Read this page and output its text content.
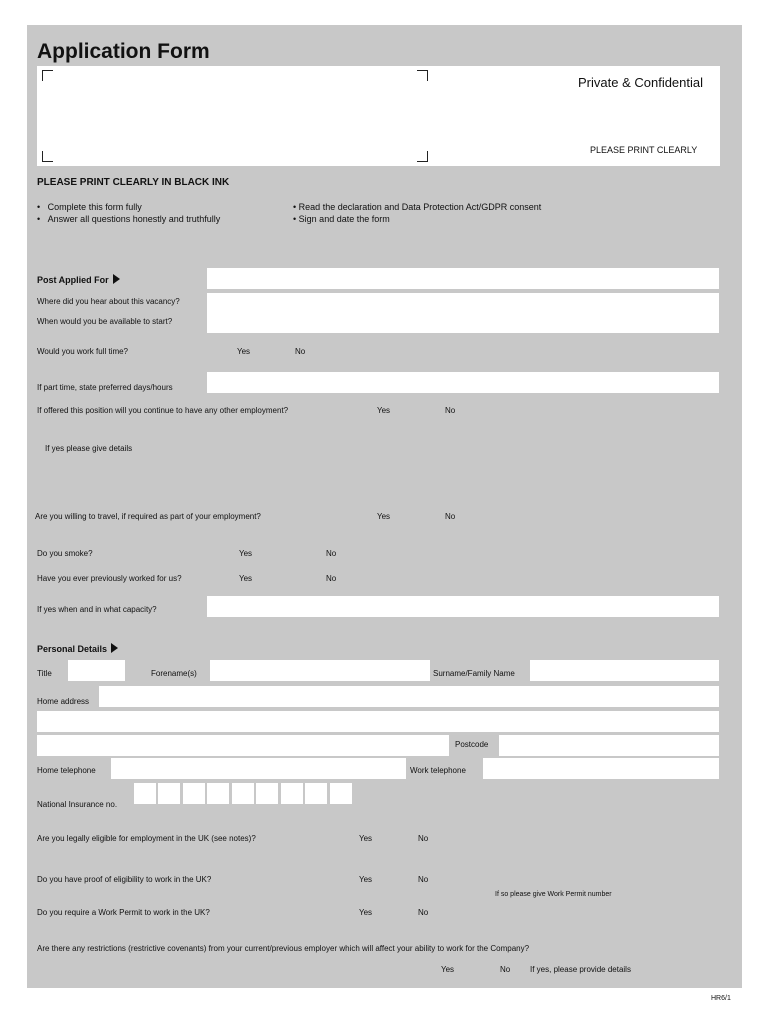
Application Form
Private & Confidential
PLEASE PRINT CLEARLY
PLEASE PRINT CLEARLY IN BLACK INK
• Complete this form fully
• Answer all questions honestly and truthfully
• Read the declaration and Data Protection Act/GDPR consent
• Sign and date the form
Post Applied For
Where did you hear about this vacancy?
When would you be available to start?
Would you work full time?	Yes	No
If part time, state preferred days/hours
If offered this position will you continue to have any other employment?	Yes	No
If yes please give details
Are you willing to travel, if required as part of your employment?	Yes	No
Do you smoke?	Yes	No
Have you ever previously worked for us?	Yes	No
If yes when and in what capacity?
Personal Details
Title	Forename(s)	Surname/Family Name
Home address
Postcode
Home telephone	Work telephone
National Insurance no.
Are you legally eligible for employment in the UK (see notes)?	Yes	No
Do you have proof of eligibility to work in the UK?	Yes	No
If so please give Work Permit number
Do you require a Work Permit to work in the UK?	Yes	No
Are there any restrictions (restrictive covenants) from your current/previous employer which will affect your ability to work for the Company?
Yes	No If yes, please provide details
HR6/1
